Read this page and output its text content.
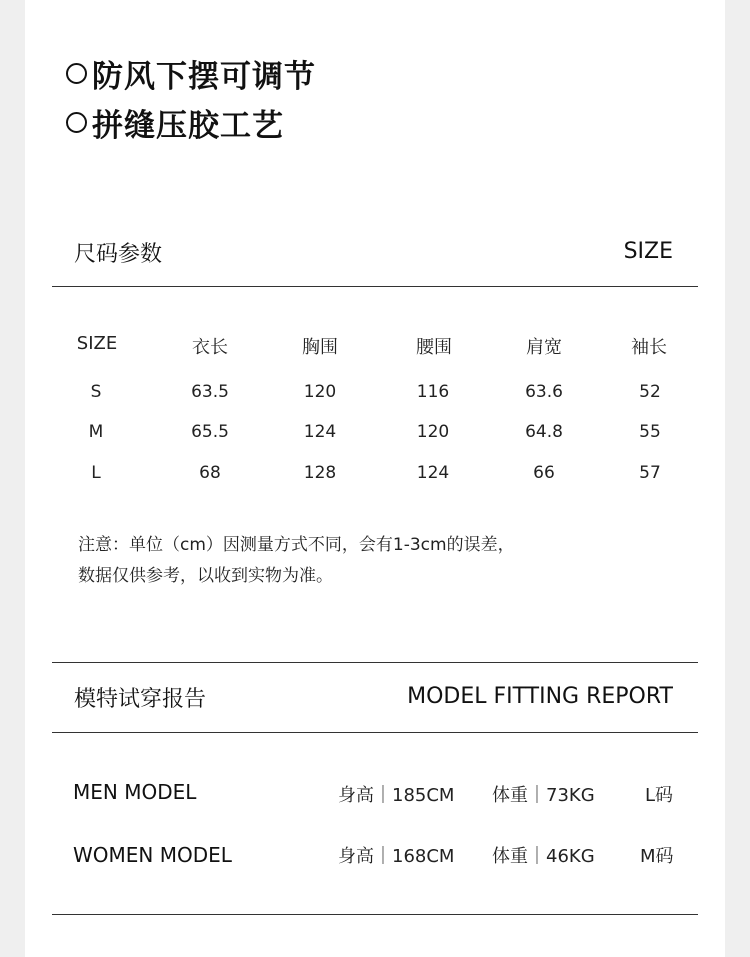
防风下摆可调节
拼缝压胶工艺
尺码参数	SIZE
SIZE	衣长	胸围	腰围	肩宽	袖长
S	63.5	120	116	63.6	52
M	65.5	124	120	64.8	55
L	68	128	124	66	57
注意：单位（cm）因测量方式不同，会有1-3cm的误差，
数据仅供参考，以收到实物为准。
模特试穿报告	MODEL FITTING REPORT
MEN MODEL	身高｜185CM 体重｜73KG	L码
WOMEN MODEL	身高｜168CM 体重｜46KG	M码
